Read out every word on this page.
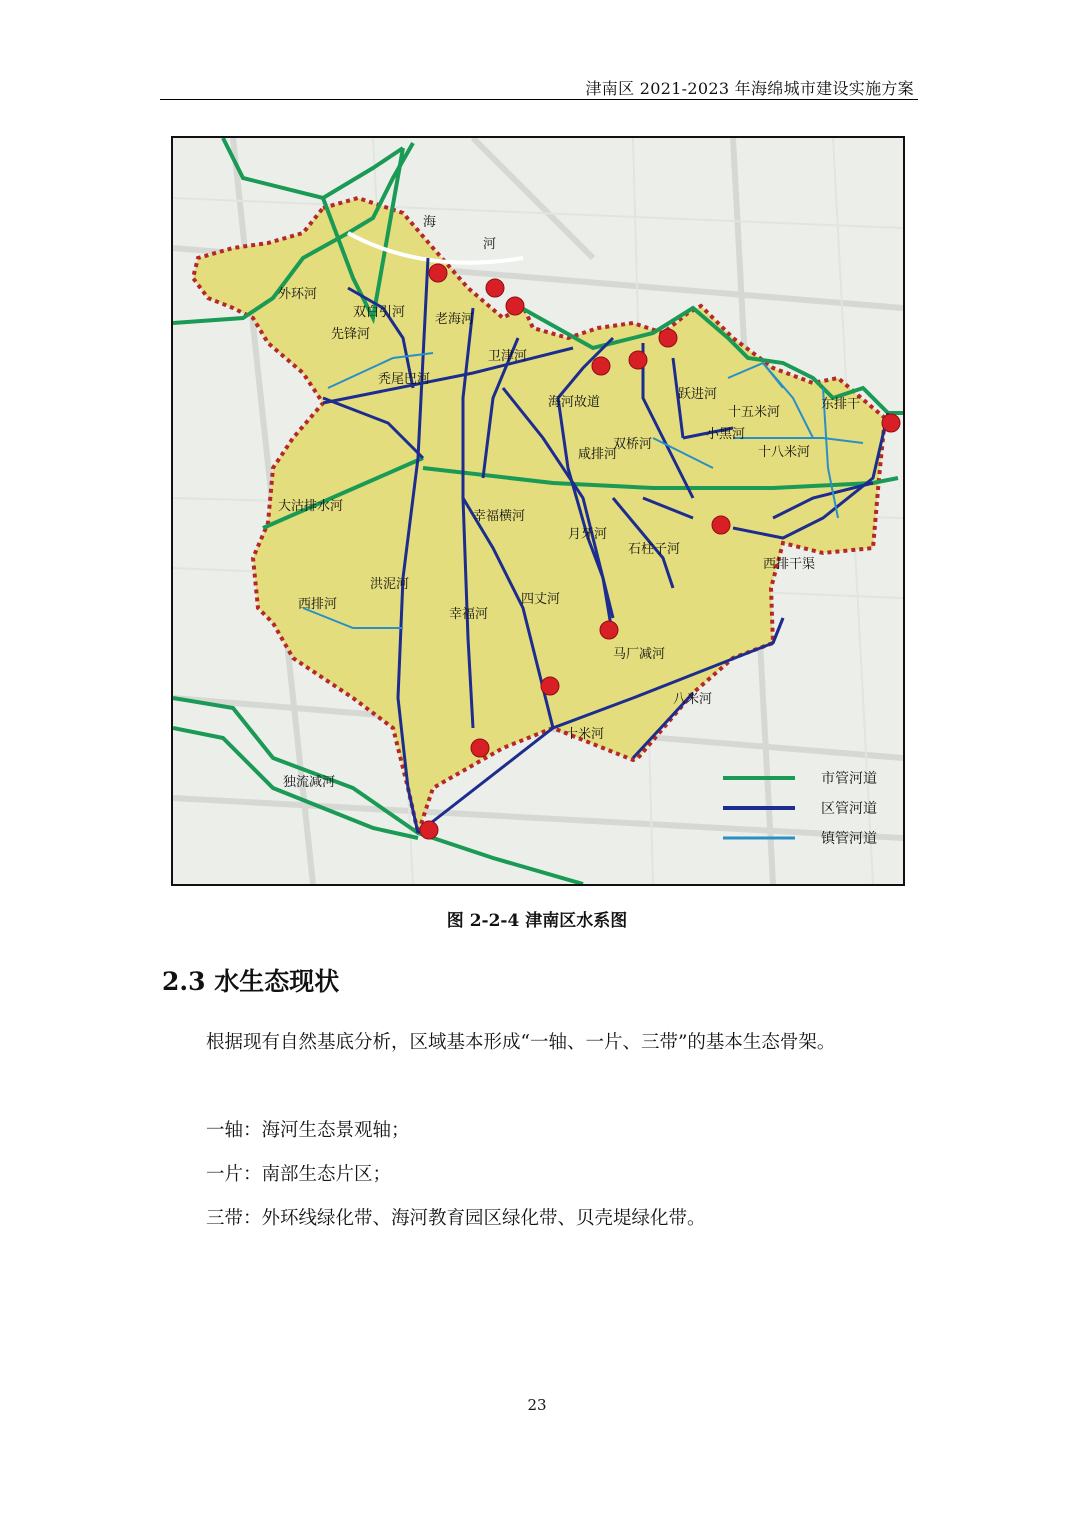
津南区 2021-2023 年海绵城市建设实施方案
海
河
外环河
先锋河
双白引河 老海河
卫津河
秃尾巴河
海河故道
咸排河
双桥河
跃进河
小黑河
十五米河
东排干
十八米河
大沽排水河
幸福横河
月牙河
石柱子河
西排干渠
西排河
洪泥河
幸福河
四丈河
马厂减河
八米河
十米河
独流减河	市管河道
区管河道
镇管河道
图 2-2-4 津南区水系图
2.3 水生态现状
根据现有自然基底分析，区域基本形成“一轴、一片、三带”的基本生态骨架。
一轴：海河生态景观轴；
一片：南部生态片区；
三带：外环线绿化带、海河教育园区绿化带、贝壳堤绿化带。
23
